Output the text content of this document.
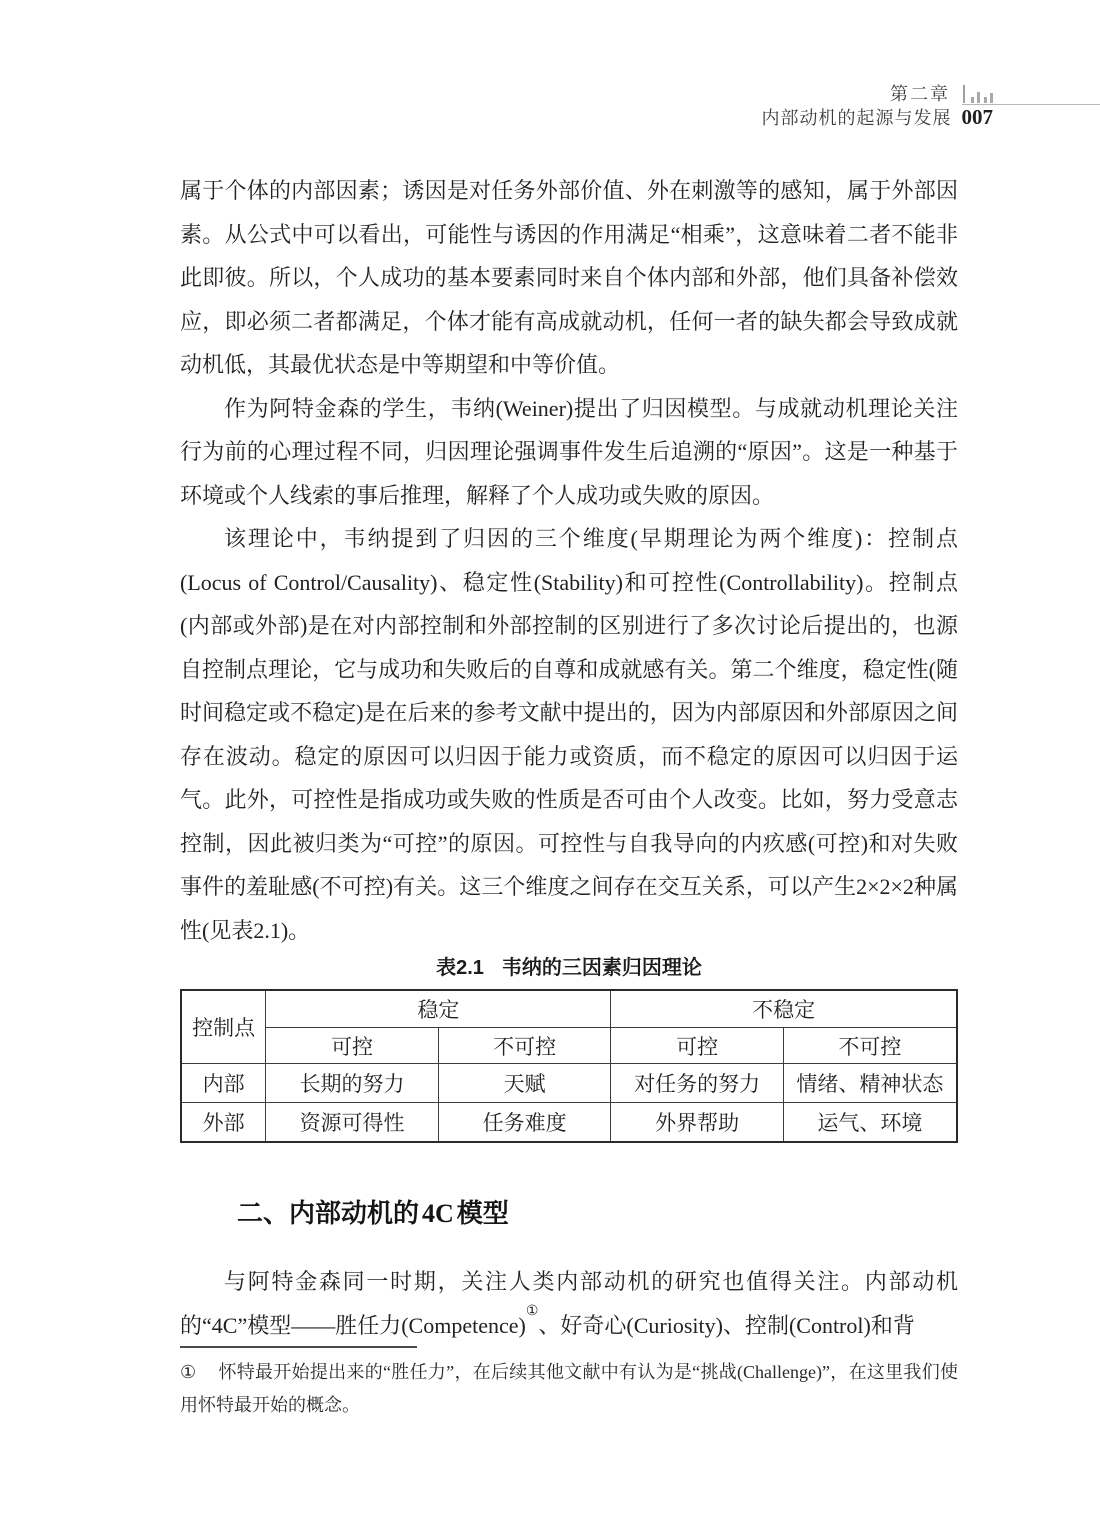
第二章
内部动机的起源与发展 007

属于个体的内部因素；诱因是对任务外部价值、外在刺激等的感知，属于外部因素。从公式中可以看出，可能性与诱因的作用满足“相乘”，这意味着二者不能非此即彼。所以，个人成功的基本要素同时来自个体内部和外部，他们具备补偿效应，即必须二者都满足，个体才能有高成就动机，任何一者的缺失都会导致成就动机低，其最优状态是中等期望和中等价值。

作为阿特金森的学生，韦纳(Weiner)提出了归因模型。与成就动机理论关注行为前的心理过程不同，归因理论强调事件发生后追溯的“原因”。这是一种基于环境或个人线索的事后推理，解释了个人成功或失败的原因。

该理论中，韦纳提到了归因的三个维度(早期理论为两个维度)：控制点(Locus of Control/Causality)、稳定性(Stability)和可控性(Controllability)。控制点(内部或外部)是在对内部控制和外部控制的区别进行了多次讨论后提出的，也源自控制点理论，它与成功和失败后的自尊和成就感有关。第二个维度，稳定性(随时间稳定或不稳定)是在后来的参考文献中提出的，因为内部原因和外部原因之间存在波动。稳定的原因可以归因于能力或资质，而不稳定的原因可以归因于运气。此外，可控性是指成功或失败的性质是否可由个人改变。比如，努力受意志控制，因此被归类为“可控”的原因。可控性与自我导向的内疚感(可控)和对失败事件的羞耻感(不可控)有关。这三个维度之间存在交互关系，可以产生2×2×2种属性(见表2.1)。

表2.1 韦纳的三因素归因理论
控制点	稳定		不稳定	
	可控	不可控	可控	不可控
内部	长期的努力	天赋	对任务的努力	情绪、精神状态
外部	资源可得性	任务难度	外界帮助	运气、环境
二、内部动机的 4C 模型

与阿特金森同一时期，关注人类内部动机的研究也值得关注。内部动机的“4C”模型——胜任力(Competence)①、好奇心(Curiosity)、控制(Control)和背

① 怀特最开始提出来的“胜任力”，在后续其他文献中有认为是“挑战(Challenge)”，在这里我们使用怀特最开始的概念。
